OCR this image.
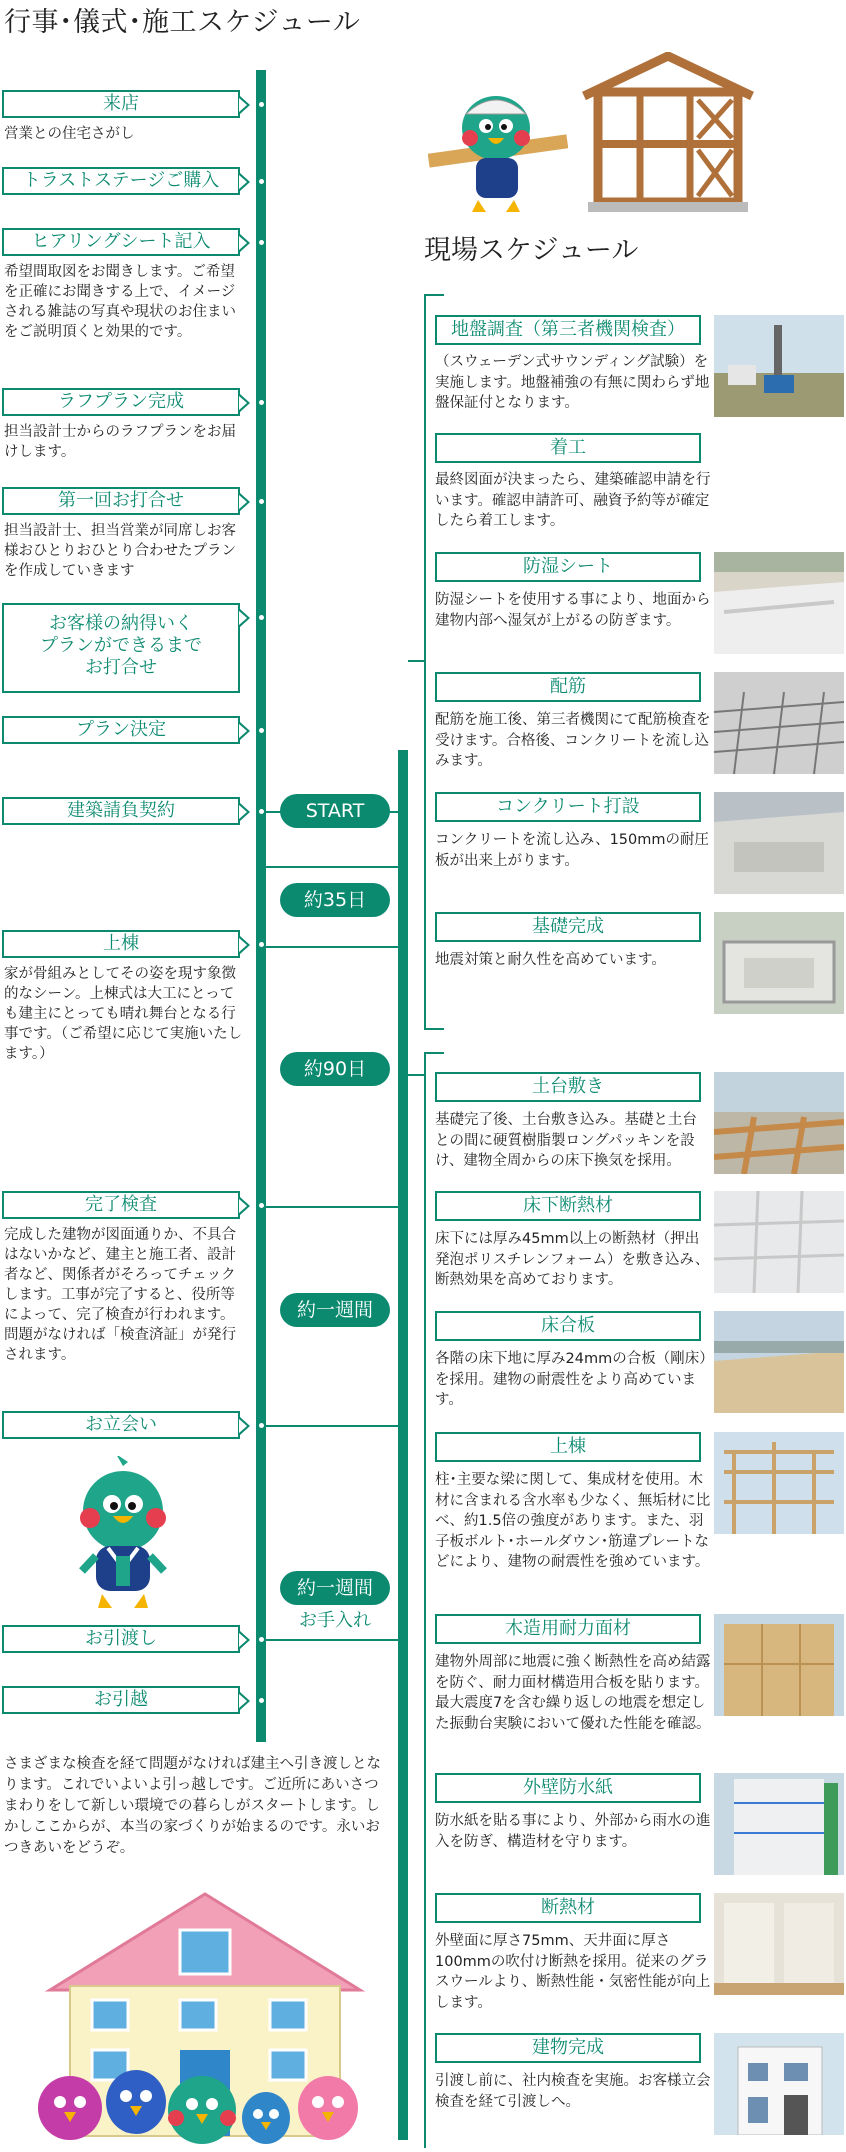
行事･儀式･施工スケジュール
来店
営業との住宅さがし
トラストステージご購入
ヒアリングシート記入
希望間取図をお聞きします。ご希望を正確にお聞きする上で、イメージされる雑誌の写真や現状のお住まいをご説明頂くと効果的です。
ラフプラン完成
担当設計士からのラフプランをお届けします。
第一回お打合せ
担当設計士、担当営業が同席しお客様おひとりおひとり合わせたプランを作成していきます
お客様の納得いく
プランができるまで
お打合せ
プラン決定
建築請負契約
上棟
家が骨組みとしてその姿を現す象徴的なシーン。上棟式は大工にとっても建主にとっても晴れ舞台となる行事です。（ご希望に応じて実施いたします。）
完了検査
完成した建物が図面通りか、不具合はないかなど、建主と施工者、設計者など、関係者がそろってチェックします。工事が完了すると、役所等によって、完了検査が行われます。問題がなければ「検査済証」が発行されます。
お立会い
お引渡し
お引越
START
約35日
約90日
約一週間
約一週間
お手入れ
現場スケジュール
地盤調査（第三者機関検査）
（スウェーデン式サウンディング試験）を実施します。地盤補強の有無に関わらず地盤保証付となります。
着工
最終図面が決まったら、建築確認申請を行います。確認申請許可、融資予約等が確定したら着工します。
防湿シート
防湿シートを使用する事により、地面から建物内部へ湿気が上がるの防ぎます。
配筋
配筋を施工後、第三者機関にて配筋検査を受けます。合格後、コンクリートを流し込みます。
コンクリート打設
コンクリートを流し込み、150mmの耐圧板が出来上がります。
基礎完成
地震対策と耐久性を高めています。
土台敷き
基礎完了後、土台敷き込み。基礎と土台との間に硬質樹脂製ロングパッキンを設け、建物全周からの床下換気を採用。
床下断熱材
床下には厚み45mm以上の断熱材（押出発泡ポリスチレンフォーム）を敷き込み、断熱効果を高めております。
床合板
各階の床下地に厚み24mmの合板（剛床）を採用。建物の耐震性をより高めています。
上棟
柱･主要な梁に関して、集成材を使用。木材に含まれる含水率も少なく、無垢材に比べ、約1.5倍の強度があります。また、羽子板ボルト･ホールダウン･筋違プレートなどにより、建物の耐震性を強めています。
木造用耐力面材
建物外周部に地震に強く断熱性を高め結露を防ぐ、耐力面材構造用合板を貼ります。最大震度7を含む繰り返しの地震を想定した振動台実験において優れた性能を確認。
外壁防水紙
防水紙を貼る事により、外部から雨水の進入を防ぎ、構造材を守ります。
断熱材
外壁面に厚さ75mm、天井面に厚さ100mmの吹付け断熱を採用。従来のグラスウールより、断熱性能・気密性能が向上します。
建物完成
引渡し前に、社内検査を実施。お客様立会検査を経て引渡しへ。
さまざまな検査を経て問題がなければ建主へ引き渡しとなります。これでいよいよ引っ越しです。ご近所にあいさつまわりをして新しい環境での暮らしがスタートします。しかしここからが、本当の家づくりが始まるのです。永いおつきあいをどうぞ。
